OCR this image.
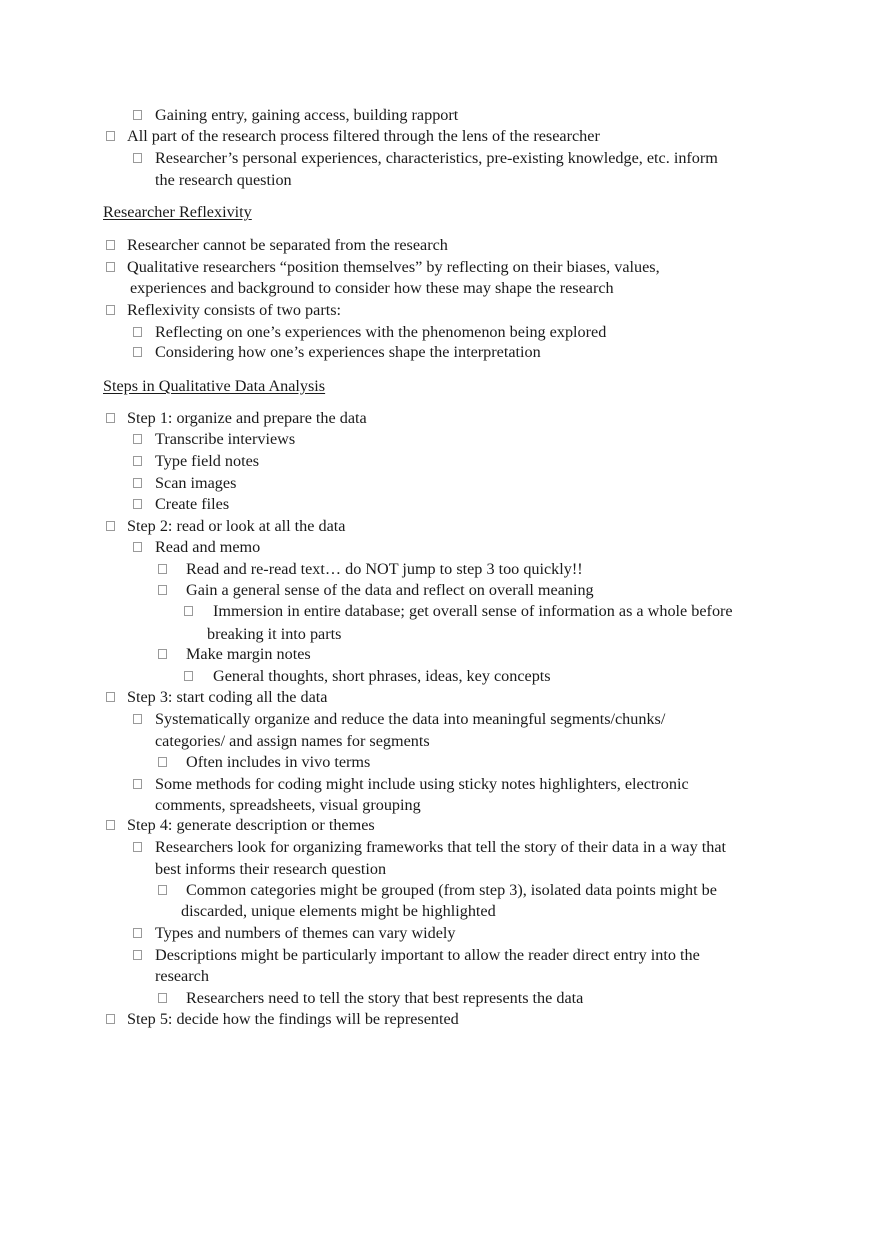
Gaining entry, gaining access, building rapport
All part of the research process filtered through the lens of the researcher
Researcher’s personal experiences, characteristics, pre-existing knowledge, etc. inform
the research question
Researcher Reflexivity
Researcher cannot be separated from the research
Qualitative researchers “position themselves” by reflecting on their biases, values,
experiences and background to consider how these may shape the research
Reflexivity consists of two parts:
Reflecting on one’s experiences with the phenomenon being explored
Considering how one’s experiences shape the interpretation
Steps in Qualitative Data Analysis
Step 1: organize and prepare the data
Transcribe interviews
Type field notes
Scan images
Create files
Step 2: read or look at all the data
Read and memo
Read and re-read text… do NOT jump to step 3 too quickly!!
Gain a general sense of the data and reflect on overall meaning
Immersion in entire database; get overall sense of information as a whole before
breaking it into parts
Make margin notes
General thoughts, short phrases, ideas, key concepts
Step 3: start coding all the data
Systematically organize and reduce the data into meaningful segments/chunks/
categories/ and assign names for segments
Often includes in vivo terms
Some methods for coding might include using sticky notes highlighters, electronic
comments, spreadsheets, visual grouping
Step 4: generate description or themes
Researchers look for organizing frameworks that tell the story of their data in a way that
best informs their research question
Common categories might be grouped (from step 3), isolated data points might be
discarded, unique elements might be highlighted
Types and numbers of themes can vary widely
Descriptions might be particularly important to allow the reader direct entry into the
research
Researchers need to tell the story that best represents the data
Step 5: decide how the findings will be represented
